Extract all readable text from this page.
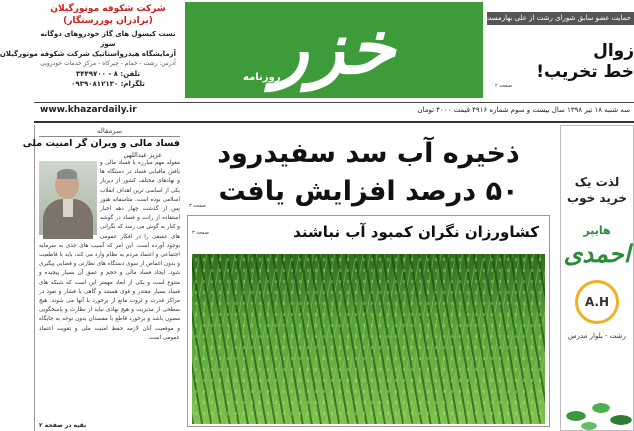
شرکت شکوفه موتورگیلان
(برادران پوررستگار)
نست کیسول های گاز خودروهای دوگانه سوز
آزمایشگاه هیدرواستاتیک شرکت شکوفه موتورگیلان
آدرس: رشت - خمام - چیرکاه - مرکز خدمات خودرویی
تلفن: ۸ - ۳۴۴۹۷۰۰
تلگرام: ۰۹۳۹۰۸۱۲۱۳۰	خزر
روزنامه
حمایت عضو سابق شورای رشت از علی بهارمست
زوال
خط تخریب!
صفحه ۲
سه شنبه ۱۸ تیر ۱۳۹۸ سال بیست و سوم شماره ۴۹۱۶ قیمت ۴۰۰۰ تومان
www.khazardaily.ir
سرمقاله
فساد مالی و ویران گر امنیت ملی
عزیز عبداللهی
مقوله مهم مبارزه با فساد مالی و یافتن مافیایی فساد در دستگاه ها و نهادهای مختلف کشور از دیرباز یکی از اساسی ترین اهداف انقلاب اسلامی بوده است. متاسفانه هنوز پس از گذشت چهار دهه اخبار استفاده از رانت و فساد در گوشه و کنار به گوش می رسد که نگرانی های عمیقی را در افکار عمومی بوجود آورده است. این امر که آسیب های جدی به سرمایه اجتماعی و اعتماد مردم به نظام وارد می کند، باید با قاطعیت و بدون اغماض از سوی دستگاه های نظارتی و قضایی پیگیری شود. ایجاد فساد مالی و حجم و عمق آن بسیار پیچیده و متنوع است و یکی از ابعاد مهمتر این است که شبکه های فساد بسیار مقتدر و قوی هستند و گاهی با فشار و نفوذ در مراکز قدرت و ثروت مانع از برخورد با آنها می شوند. هیچ سطحی از مدیریت و هیچ نهادی نباید از نظارت و پاسخگویی مصون باشد و برخورد قاطع با مفسدان بدون توجه به جایگاه و موقعیت آنان لازمه حفظ امنیت ملی و تقویت اعتماد عمومی است.
بقیه در صفحه ۲
ذخیره آب سد سفیدرود
۵۰ درصد افزایش یافت
صفحه ۳
کشاورزان نگران کمبود آب نباشند
صفحه ۳
لذت یک
خرید خوب
هایپر
احمدی
A.H
رشت - بلوار مدرس
